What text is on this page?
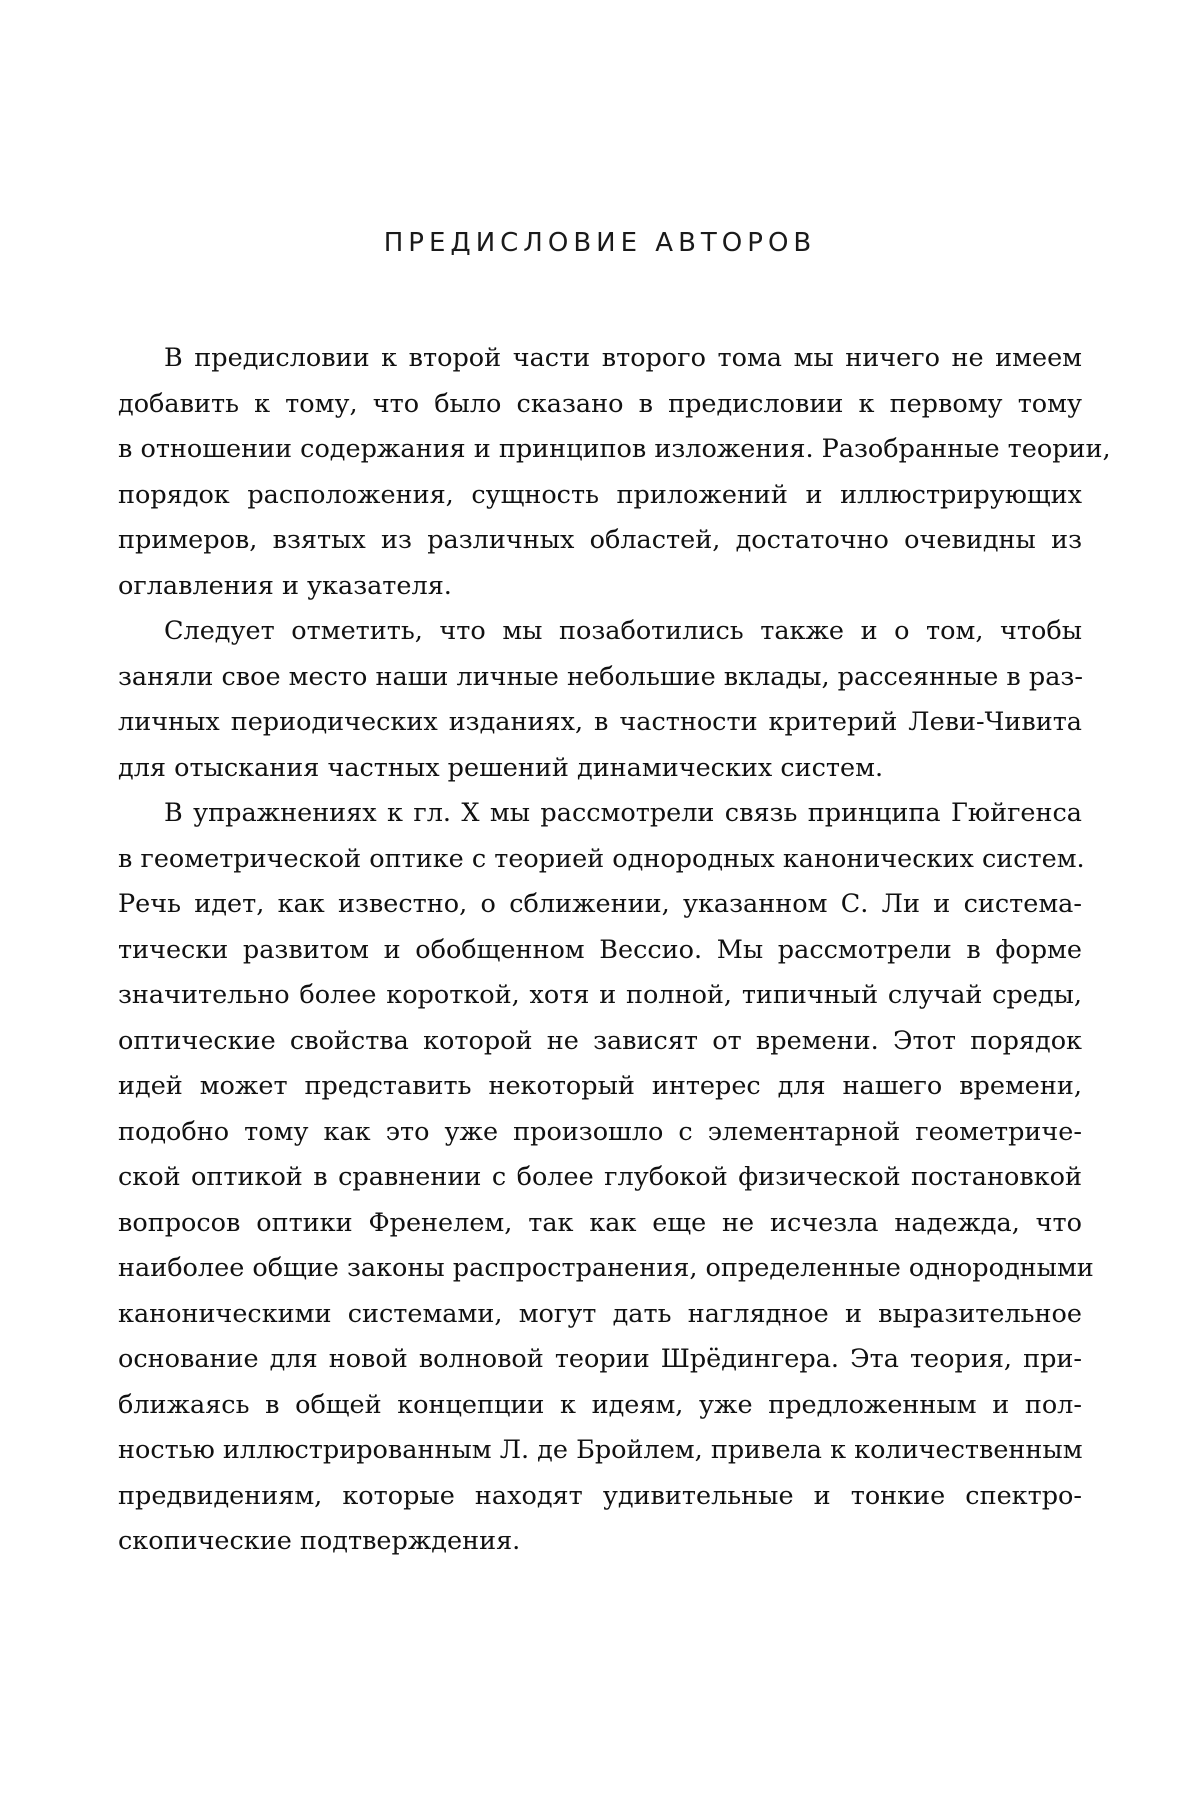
ПРЕДИСЛОВИЕ АВТОРОВ
В предисловии к второй части второго тома мы ничего не имеем
добавить к тому, что было сказано в предисловии к первому тому
в отношении содержания и принципов изложения. Разобранные теории,
порядок расположения, сущность приложений и иллюстрирующих
примеров, взятых из различных областей, достаточно очевидны из
оглавления и указателя.
Следует отметить, что мы позаботились также и о том, чтобы
заняли свое место наши личные небольшие вклады, рассеянные в раз-
личных периодических изданиях, в частности критерий Леви-Чивита
для отыскания частных решений динамических систем.
В упражнениях к гл. X мы рассмотрели связь принципа Гюйгенса
в геометрической оптике с теорией однородных канонических систем.
Речь идет, как известно, о сближении, указанном С. Ли и система-
тически развитом и обобщенном Вессио. Мы рассмотрели в форме
значительно более короткой, хотя и полной, типичный случай среды,
оптические свойства которой не зависят от времени. Этот порядок
идей может представить некоторый интерес для нашего времени,
подобно тому как это уже произошло с элементарной геометриче-
ской оптикой в сравнении с более глубокой физической постановкой
вопросов оптики Френелем, так как еще не исчезла надежда, что
наиболее общие законы распространения, определенные однородными
каноническими системами, могут дать наглядное и выразительное
основание для новой волновой теории Шрёдингера. Эта теория, при-
ближаясь в общей концепции к идеям, уже предложенным и пол-
ностью иллюстрированным Л. де Бройлем, привела к количественным
предвидениям, которые находят удивительные и тонкие спектро-
скопические подтверждения.
